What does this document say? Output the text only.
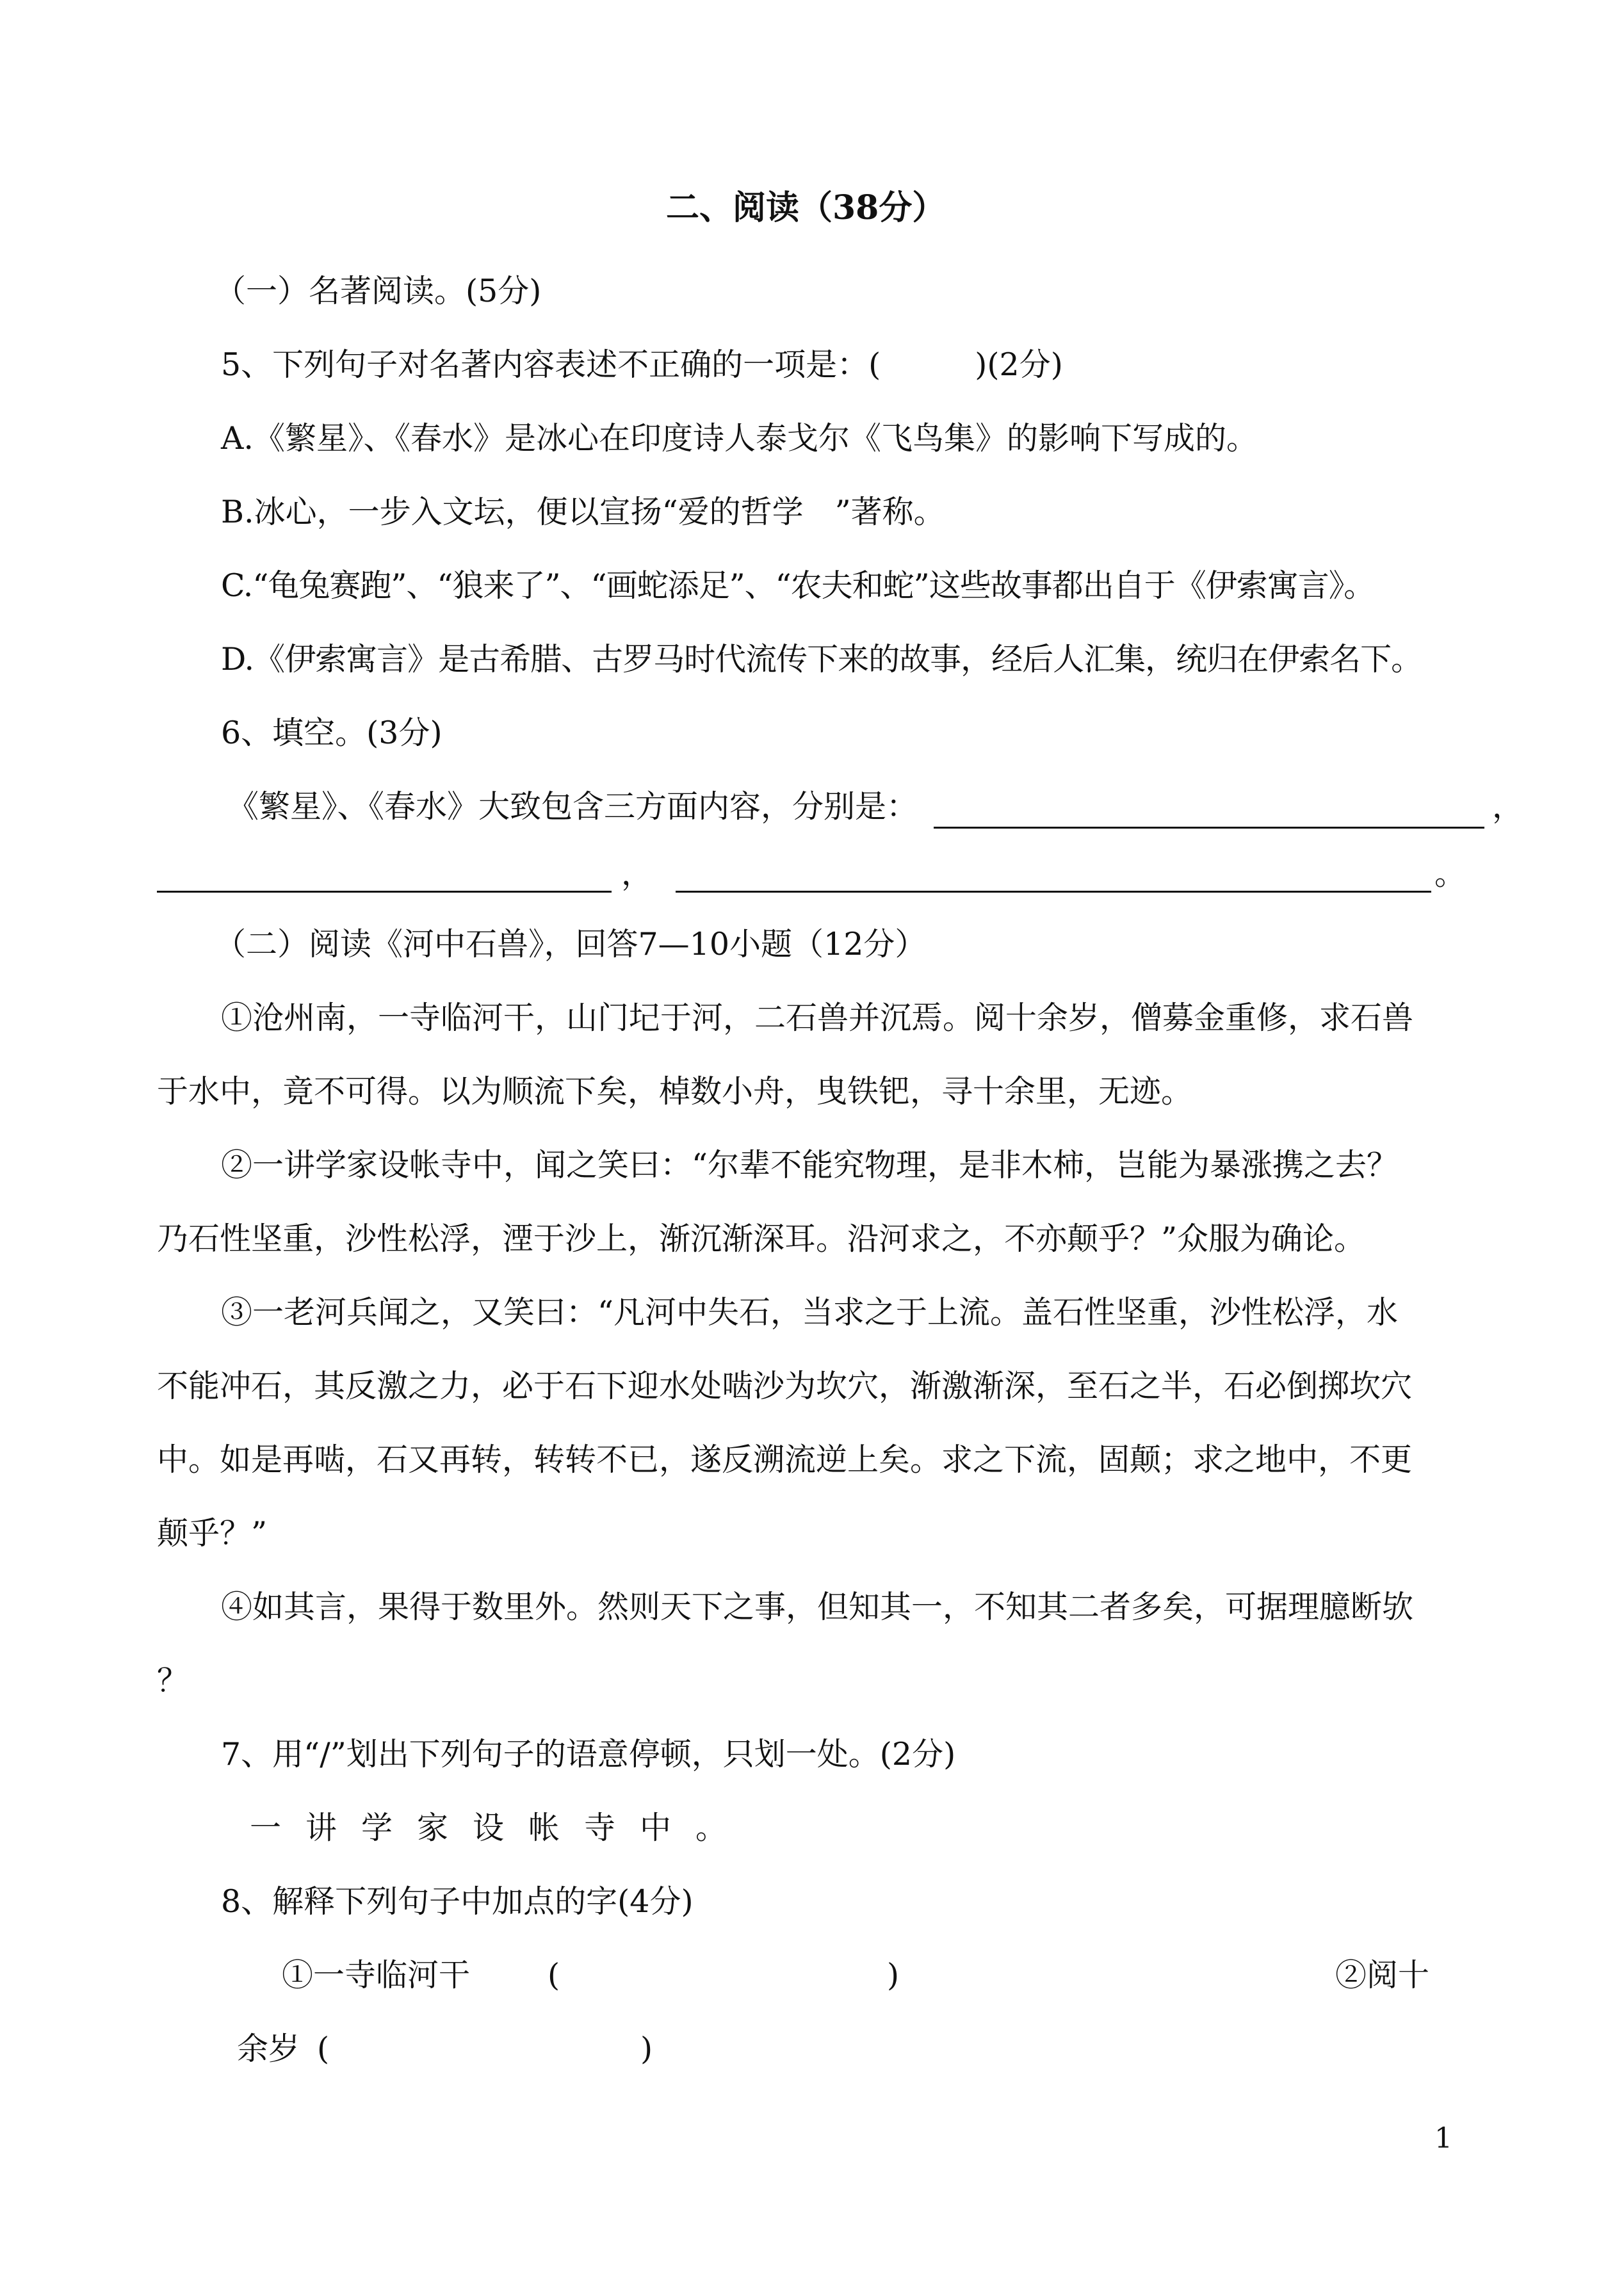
二、阅读（38分）
（一）名著阅读。(5分)
5、下列句子对名著内容表述不正确的一项是：(　　　)(2分)
A.《繁星》、《春水》是冰心在印度诗人泰戈尔《飞鸟集》的影响下写成的。
B.冰心，一步入文坛，便以宣扬“爱的哲学　”著称。
C.“龟兔赛跑”、“狼来了”、“画蛇添足”、“农夫和蛇”这些故事都出自于《伊索寓言》。
D.《伊索寓言》是古希腊、古罗马时代流传下来的故事，经后人汇集，统归在伊索名下。
6、填空。(3分)
《繁星》、《春水》大致包含三方面内容，分别是：	，
，	。
（二）阅读《河中石兽》，回答7—10小题（12分）
①沧州南，一寺临河干，山门圮于河，二石兽并沉焉。阅十余岁，僧募金重修，求石兽
于水中，竟不可得。以为顺流下矣，棹数小舟，曳铁钯，寻十余里，无迹。
②一讲学家设帐寺中，闻之笑曰：“尔辈不能究物理，是非木柿，岂能为暴涨携之去？
乃石性坚重，沙性松浮，湮于沙上，渐沉渐深耳。沿河求之，不亦颠乎？”众服为确论。
③一老河兵闻之，又笑曰：“凡河中失石，当求之于上流。盖石性坚重，沙性松浮，水
不能冲石，其反激之力，必于石下迎水处啮沙为坎穴，渐激渐深，至石之半，石必倒掷坎穴
中。如是再啮，石又再转，转转不已，遂反溯流逆上矣。求之下流，固颠；求之地中，不更
颠乎？”
④如其言，果得于数里外。然则天下之事，但知其一，不知其二者多矣，可据理臆断欤
？
7、用“/”划出下列句子的语意停顿，只划一处。(2分)
一讲学家设帐寺中。
8、解释下列句子中加点的字(4分)
①一寺临河干 (	)	②阅十
余岁 (	)
1
